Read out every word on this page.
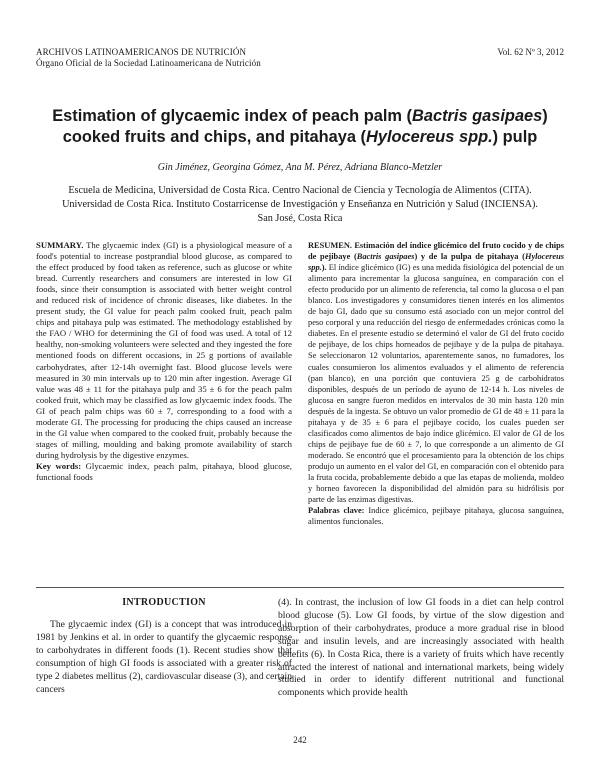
ARCHIVOS LATINOAMERICANOS DE NUTRICIÓN
Órgano Oficial de la Sociedad Latinoamericana de Nutrición
Vol. 62 Nº 3, 2012
Estimation of glycaemic index of peach palm (Bactris gasipaes) cooked fruits and chips, and pitahaya (Hylocereus spp.) pulp
Gin Jiménez, Georgina Gómez, Ana M. Pérez, Adriana Blanco-Metzler
Escuela de Medicina, Universidad de Costa Rica. Centro Nacional de Ciencia y Tecnología de Alimentos (CITA). Universidad de Costa Rica. Instituto Costarricense de Investigación y Enseñanza en Nutrición y Salud (INCIENSA). San José, Costa Rica

SUMMARY. The glycaemic index (GI) is a physiological measure of a food's potential to increase postprandial blood glucose, as compared to the effect produced by food taken as reference, such as glucose or white bread. Currently researchers and consumers are interested in low GI foods, since their consumption is associated with better weight control and reduced risk of incidence of chronic diseases, like diabetes. In the present study, the GI value for peach palm cooked fruit, peach palm chips and pitahaya pulp was estimated. The methodology established by the FAO / WHO for determining the GI of food was used. A total of 12 healthy, non-smoking volunteers were selected and they ingested the fore mentioned foods on different occasions, in 25 g portions of available carbohydrates, after 12-14h overnight fast. Blood glucose levels were measured in 30 min intervals up to 120 min after ingestion. Average GI value was 48 ± 11 for the pitahaya pulp and 35 ± 6 for the peach palm cooked fruit, which may be classified as low glycaemic index foods. The GI of peach palm chips was 60 ± 7, corresponding to a food with a moderate GI. The processing for producing the chips caused an increase in the GI value when compared to the cooked fruit, probably because the stages of milling, moulding and baking promote availability of starch during hydrolysis by the digestive enzymes.

Key words: Glycaemic index, peach palm, pitahaya, blood glucose, functional foods

RESUMEN. Estimación del índice glicémico del fruto cocido y de chips de pejibaye (Bactris gasipaes) y de la pulpa de pitahaya (Hylocereus spp.). El índice glicémico (IG) es una medida fisiológica del potencial de un alimento para incrementar la glucosa sanguínea, en comparación con el efecto producido por un alimento de referencia, tal como la glucosa o el pan blanco. Los investigadores y consumidores tienen interés en los alimentos de bajo GI, dado que su consumo está asociado con un mejor control del peso corporal y una reducción del riesgo de enfermedades crónicas como la diabetes. En el presente estudio se determinó el valor de GI del fruto cocido de pejibaye, de los chips horneados de pejibaye y de la pulpa de pitahaya. Se seleccionaron 12 voluntarios, aparentemente sanos, no fumadores, los cuales consumieron los alimentos evaluados y el alimento de referencia (pan blanco), en una porción que contuviera 25 g de carbohidratos disponibles, después de un período de ayuno de 12-14 h. Los niveles de glucosa en sangre fueron medidos en intervalos de 30 min hasta 120 min después de la ingesta. Se obtuvo un valor promedio de GI de 48 ± 11 para la pitahaya y de 35 ± 6 para el pejibaye cocido, los cuales pueden ser clasificados como alimentos de bajo índice glicémico. El valor de GI de los chips de pejibaye fue de 60 ± 7, lo que corresponde a un alimento de GI moderado. Se encontró que el procesamiento para la obtención de los chips produjo un aumento en el valor del GI, en comparación con el obtenido para la fruta cocida, probablemente debido a que las etapas de molienda, moldeo y horneo favorecen la disponibilidad del almidón para su hidrólisis por parte de las enzimas digestivas.

Palabras clave: Indice glicémico, pejibaye pitahaya, glucosa sanguínea, alimentos funcionales.

INTRODUCTION
The glycaemic index (GI) is a concept that was introduced in 1981 by Jenkins et al. in order to quantify the glycaemic response to carbohydrates in different foods (1). Recent studies show that consumption of high GI foods is associated with a greater risk of type 2 diabetes mellitus (2), cardiovascular disease (3), and certain cancers
(4). In contrast, the inclusion of low GI foods in a diet can help control blood glucose (5). Low GI foods, by virtue of the slow digestion and absorption of their carbohydrates, produce a more gradual rise in blood sugar and insulin levels, and are increasingly associated with health benefits (6). In Costa Rica, there is a variety of fruits which have recently attracted the interest of national and international markets, being widely studied in order to identify different nutritional and functional components which provide health
242
